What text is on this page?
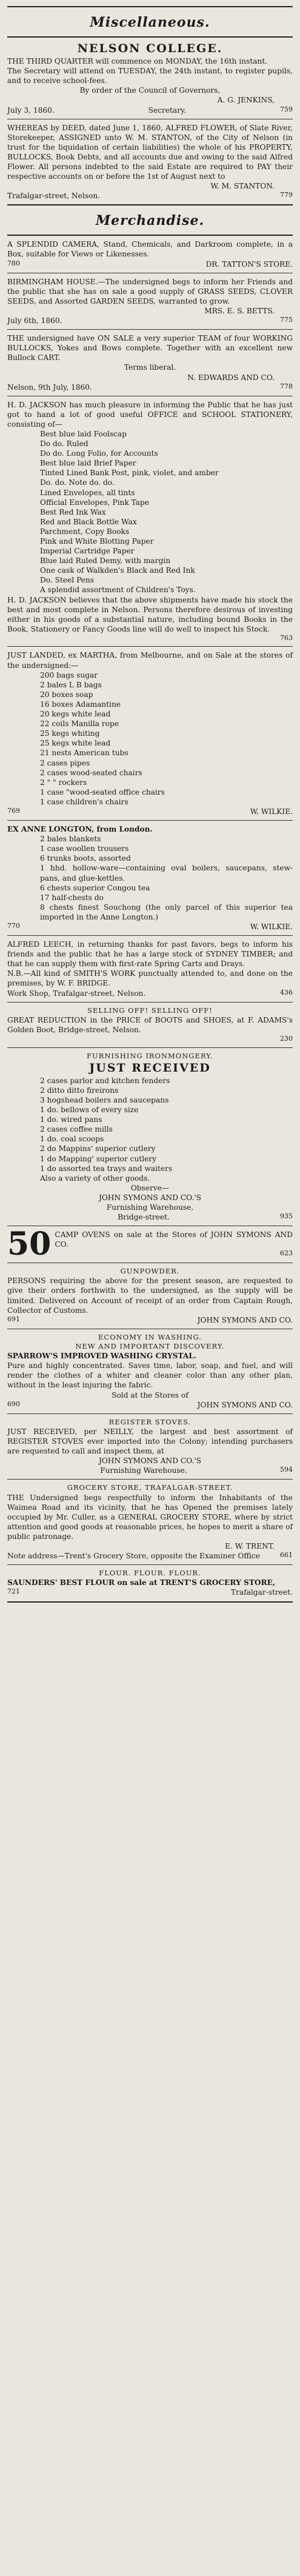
Miscellaneous.

NELSON COLLEGE.

THE THIRD QUARTER will commence on MONDAY, the 16th instant.

The Secretary will attend on TUESDAY, the 24th instant, to register pupils, and to receive school-fees.

By order of the Council of Governors,

A. G. JENKINS,

July 3, 1860.	Secretary.	759

WHEREAS by DEED, dated June 1, 1860, ALFRED FLOWER, of Slate River, Storekeeper, ASSIGNED unto W. M. STANTON, of the City of Nelson (in trust for the liquidation of certain liabilities) the whole of his PROPERTY, BULLOCKS, Book Debts, and all accounts due and owing to the said Alfred Flower. All persons indebted to the said Estate are required to PAY their respective accounts on or before the 1st of August next to

W. M. STANTON.

Trafalgar-street, Nelson.	779
Merchandise.

A SPLENDID CAMERA, Stand, Chemicals, and Darkroom complete, in a Box, suitable for Views or Likenesses.

780	DR. TATTON'S STORE.

BIRMINGHAM HOUSE.—The undersigned begs to inform her Friends and the public that she has on sale a good supply of GRASS SEEDS, CLOVER SEEDS, and Assorted GARDEN SEEDS, warranted to grow.

MRS. E. S. BETTS.

July 6th, 1860.	775

THE undersigned have ON SALE a very superior TEAM of four WORKING BULLOCKS, Yokes and Bows complete. Together with an excellent new Bullock CART.

Terms liberal.

N. EDWARDS AND CO.

Nelson, 9th July, 1860.	778

H. D. JACKSON has much pleasure in informing the Public that he has just got to hand a lot of good useful OFFICE and SCHOOL STATIONERY, consisting of—

Best blue laid Foolscap

Do do. Ruled

Do do. Long Folio, for Accounts

Best blue laid Brief Paper

Tinted Lined Bank Post, pink, violet, and amber

Do. do. Note do. do.

Lined Envelopes, all tints

Official Envelopes, Pink Tape

Best Red Ink Wax

Red and Black Bottle Wax

Parchment, Copy Books

Pink and White Blotting Paper

Imperial Cartridge Paper

Blue laid Ruled Demy, with margin

One cask of Walkden's Black and Red Ink

Do. Steel Pens

A splendid assortment of Children's Toys.

H. D. JACKSON believes that the above shipments have made his stock the best and most complete in Nelson. Persons therefore desirous of investing either in his goods of a substantial nature, including bound Books in the Book, Stationery or Fancy Goods line will do well to inspect his Stock.

763

JUST LANDED, ex MARTHA, from Melbourne, and on Sale at the stores of the undersigned:—

200 bags sugar

2 bales L B bags

20 boxes soap

16 boxes Adamantine

20 kegs white lead

22 coils Manilla rope

25 kegs whiting

25 kegs white lead

21 nests American tubs

2 cases pipes

2 cases wood-seated chairs

2 " " rockers

1 case "wood-seated office chairs

1 case children's chairs

769	W. WILKIE.

EX ANNE LONGTON, from London.

2 bales blankets

1 case woollen trousers

6 trunks boots, assorted

1 hhd. hollow-ware—containing oval boilers, saucepans, stew-pans, and glue-kettles.

6 chests superior Congou tea

17 half-chests do

8 chests finest Souchong (the only parcel of this superior tea imported in the Anne Longton.)

770	W. WILKIE.

ALFRED LEECH, in returning thanks for past favors, begs to inform his friends and the public that he has a large stock of SYDNEY TIMBER; and that he can supply them with first-rate Spring Carts and Drays.

N.B.—All kind of SMITH'S WORK punctually attended to, and done on the premises, by W. F. BRIDGE.

Work Shop, Trafalgar-street, Nelson.	436

SELLING OFF! SELLING OFF!

GREAT REDUCTION in the PRICE of BOOTS and SHOES, at F. ADAMS's Golden Boot, Bridge-street, Nelson.

230

FURNISHING IRONMONGERY.

JUST RECEIVED

2 cases parlor and kitchen fenders

2 ditto ditto fireirons

3 hogshead boilers and saucepans

1 do. bellows of every size

1 do. wired pans

2 cases coffee mills

1 do. coal scoops

2 do Mappins' superior cutlery

1 do Mapping' superior cutlery

1 do assorted tea trays and waiters

Also a variety of other goods.

Observe—

JOHN SYMONS AND CO.'S

Furnishing Warehouse,

Bridge-street.	935
50 CAMP OVENS on sale at the Stores of JOHN SYMONS AND CO.

623

GUNPOWDER.

PERSONS requiring the above for the present season, are requested to give their orders forthwith to the undersigned, as the supply will be limited. Delivered on Account of receipt of an order from Captain Rough, Collector of Customs.

691	JOHN SYMONS AND CO.

ECONOMY IN WASHING.

NEW AND IMPORTANT DISCOVERY.

SPARROW'S IMPROVED WASHING CRYSTAL.

Pure and highly concentrated. Saves time, labor, soap, and fuel, and will render the clothes of a whiter and cleaner color than any other plan, without in the least injuring the fabric.

Sold at the Stores of

690	JOHN SYMONS AND CO.

REGISTER STOVES.

JUST RECEIVED, per NEILLY, the largest and best assortment of REGISTER STOVES ever imported into the Colony; intending purchasers are requested to call and inspect them, at

JOHN SYMONS AND CO.'S

Furnishing Warehouse.	594

GROCERY STORE, TRAFALGAR-STREET.

THE Undersigned begs respectfully to inform the Inhabitants of the Waimea Road and its vicinity, that he has Opened the premises lately occupied by Mr. Culler, as a GENERAL GROCERY STORE, where by strict attention and good goods at reasonable prices, he hopes to merit a share of public patronage.

E. W. TRENT.

Note address—Trent's Grocery Store, opposite the Examiner Office	661

FLOUR. FLOUR. FLOUR.

SAUNDERS' BEST FLOUR on sale at TRENT'S GROCERY STORE,

721	Trafalgar-street.
